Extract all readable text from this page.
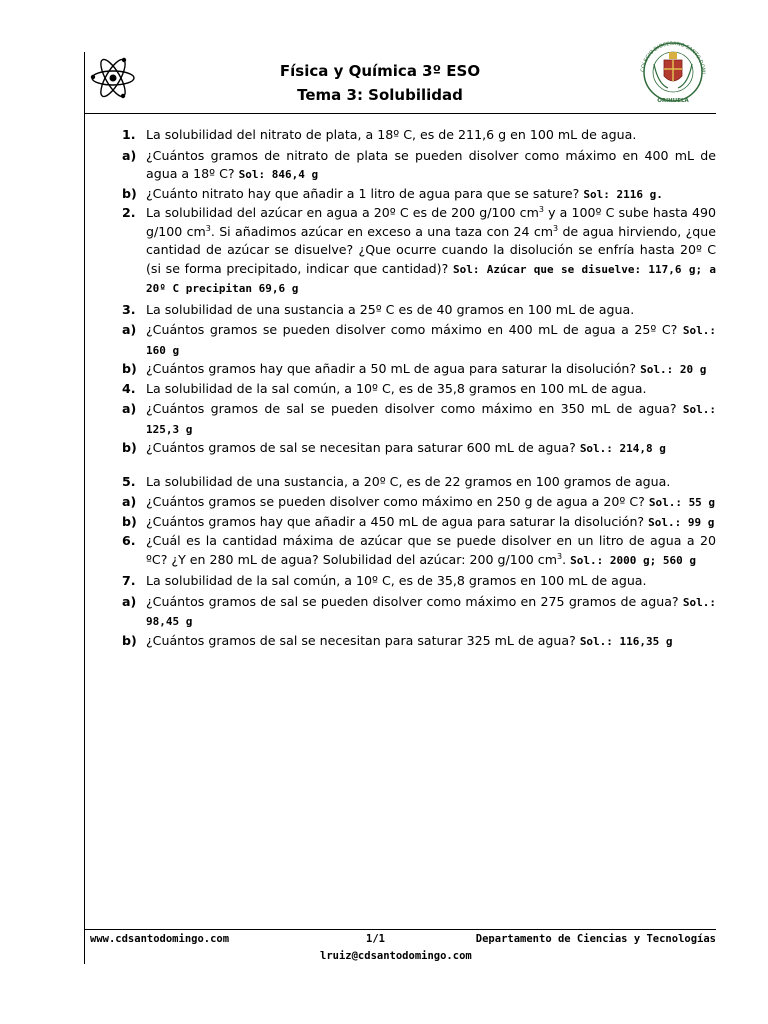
Física y Química 3º ESO
Tema 3: Solubilidad
COLEGIO DIOCESANO SANTO DOMI
ORIHUELA
1. La solubilidad del nitrato de plata, a 18º C, es de 211,6 g en 100 mL de agua.
a) ¿Cuántos gramos de nitrato de plata se pueden disolver como máximo en 400 mL de agua a 18º C? Sol: 846,4 g
b) ¿Cuánto nitrato hay que añadir a 1 litro de agua para que se sature? Sol: 2116 g.
2. La solubilidad del azúcar en agua a 20º C es de 200 g/100 $cm^3$ y a 100º C sube hasta 490 g/100 $cm^3$. Si añadimos azúcar en exceso a una taza con 24 $cm^3$ de agua hirviendo, ¿que cantidad de azúcar se disuelve? ¿Que ocurre cuando la disolución se enfría hasta 20º C (si se forma precipitado, indicar que cantidad)? Sol: Azúcar que se disuelve: 117,6 g; a 20º C precipitan 69,6 g
3. La solubilidad de una sustancia a 25º C es de 40 gramos en 100 mL de agua.
a) ¿Cuántos gramos se pueden disolver como máximo en 400 mL de agua a 25º C? Sol.: 160 g
b) ¿Cuántos gramos hay que añadir a 50 mL de agua para saturar la disolución? Sol.: 20 g
4. La solubilidad de la sal común, a 10º C, es de 35,8 gramos en 100 mL de agua.
a) ¿Cuántos gramos de sal se pueden disolver como máximo en 350 mL de agua? Sol.: 125,3 g
b) ¿Cuántos gramos de sal se necesitan para saturar 600 mL de agua? Sol.: 214,8 g
5. La solubilidad de una sustancia, a 20º C, es de 22 gramos en 100 gramos de agua.
a) ¿Cuántos gramos se pueden disolver como máximo en 250 g de agua a 20º C? Sol.: 55 g
b) ¿Cuántos gramos hay que añadir a 450 mL de agua para saturar la disolución? Sol.: 99 g
6. ¿Cuál es la cantidad máxima de azúcar que se puede disolver en un litro de agua a 20 ºC? ¿Y en 280 mL de agua? Solubilidad del azúcar: 200 g/100 $cm^3$. Sol.: 2000 g; 560 g
7. La solubilidad de la sal común, a 10º C, es de 35,8 gramos en 100 mL de agua.
a) ¿Cuántos gramos de sal se pueden disolver como máximo en 275 gramos de agua? Sol.: 98,45 g
b) ¿Cuántos gramos de sal se necesitan para saturar 325 mL de agua? Sol.: 116,35 g
www.cdsantodomingo.com	1/1	Departamento de Ciencias y Tecnologías
lruiz@cdsantodomingo.com
